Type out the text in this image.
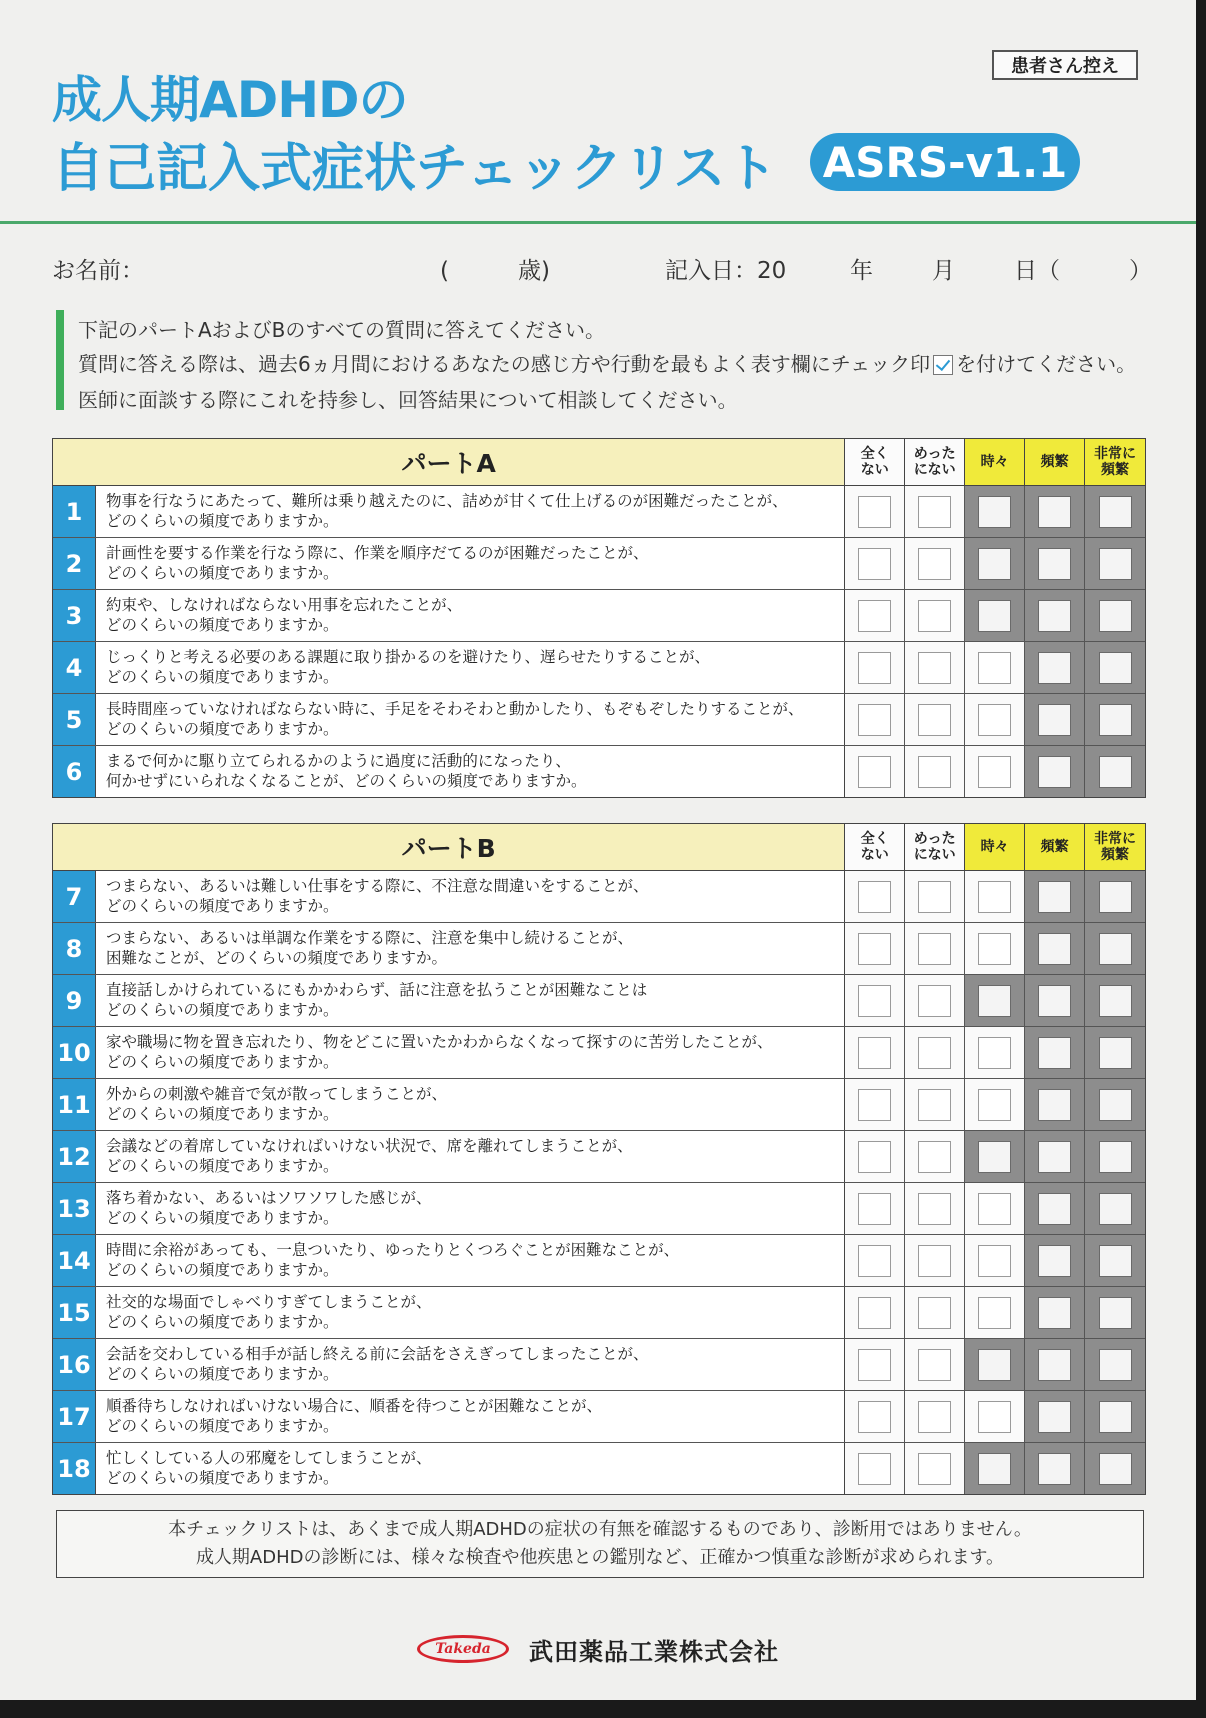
患者さん控え
成人期ADHDの
自己記入式症状チェックリスト	ASRS-v1.1
お名前：	(　　　歳)	記入日：20	年	月	日（　　　）
下記のパートAおよびBのすべての質問に答えてください。
質問に答える際は、過去6ヵ月間におけるあなたの感じ方や行動を最もよく表す欄にチェック印 を付けてください。
医師に面談する際にこれを持参し、回答結果について相談してください。
パートA	全く
ない
めった
にない	時々	頻繁	非常に
頻繁
1	物事を行なうにあたって、難所は乗り越えたのに、詰めが甘くて仕上げるのが困難だったことが、
どのくらいの頻度でありますか。
2	計画性を要する作業を行なう際に、作業を順序だてるのが困難だったことが、
どのくらいの頻度でありますか。
3	約束や、しなければならない用事を忘れたことが、
どのくらいの頻度でありますか。
4	じっくりと考える必要のある課題に取り掛かるのを避けたり、遅らせたりすることが、
どのくらいの頻度でありますか。
5	長時間座っていなければならない時に、手足をそわそわと動かしたり、もぞもぞしたりすることが、
どのくらいの頻度でありますか。
6	まるで何かに駆り立てられるかのように過度に活動的になったり、
何かせずにいられなくなることが、どのくらいの頻度でありますか。
パートB	全く
ない
めった
にない	時々	頻繁	非常に
頻繁
7	つまらない、あるいは難しい仕事をする際に、不注意な間違いをすることが、
どのくらいの頻度でありますか。
8	つまらない、あるいは単調な作業をする際に、注意を集中し続けることが、
困難なことが、どのくらいの頻度でありますか。
9	直接話しかけられているにもかかわらず、話に注意を払うことが困難なことは
どのくらいの頻度でありますか。
10 家や職場に物を置き忘れたり、物をどこに置いたかわからなくなって探すのに苦労したことが、
どのくらいの頻度でありますか。
11 外からの刺激や雑音で気が散ってしまうことが、
どのくらいの頻度でありますか。
12 会議などの着席していなければいけない状況で、席を離れてしまうことが、
どのくらいの頻度でありますか。
13 落ち着かない、あるいはソワソワした感じが、
どのくらいの頻度でありますか。
14 時間に余裕があっても、一息ついたり、ゆったりとくつろぐことが困難なことが、
どのくらいの頻度でありますか。
15 社交的な場面でしゃべりすぎてしまうことが、
どのくらいの頻度でありますか。
16 会話を交わしている相手が話し終える前に会話をさえぎってしまったことが、
どのくらいの頻度でありますか。
17 順番待ちしなければいけない場合に、順番を待つことが困難なことが、
どのくらいの頻度でありますか。
18 忙しくしている人の邪魔をしてしまうことが、
どのくらいの頻度でありますか。
本チェックリストは、あくまで成人期ADHDの症状の有無を確認するものであり、診断用ではありません。
成人期ADHDの診断には、様々な検査や他疾患との鑑別など、正確かつ慎重な診断が求められます。
Takeda	武田薬品工業株式会社
